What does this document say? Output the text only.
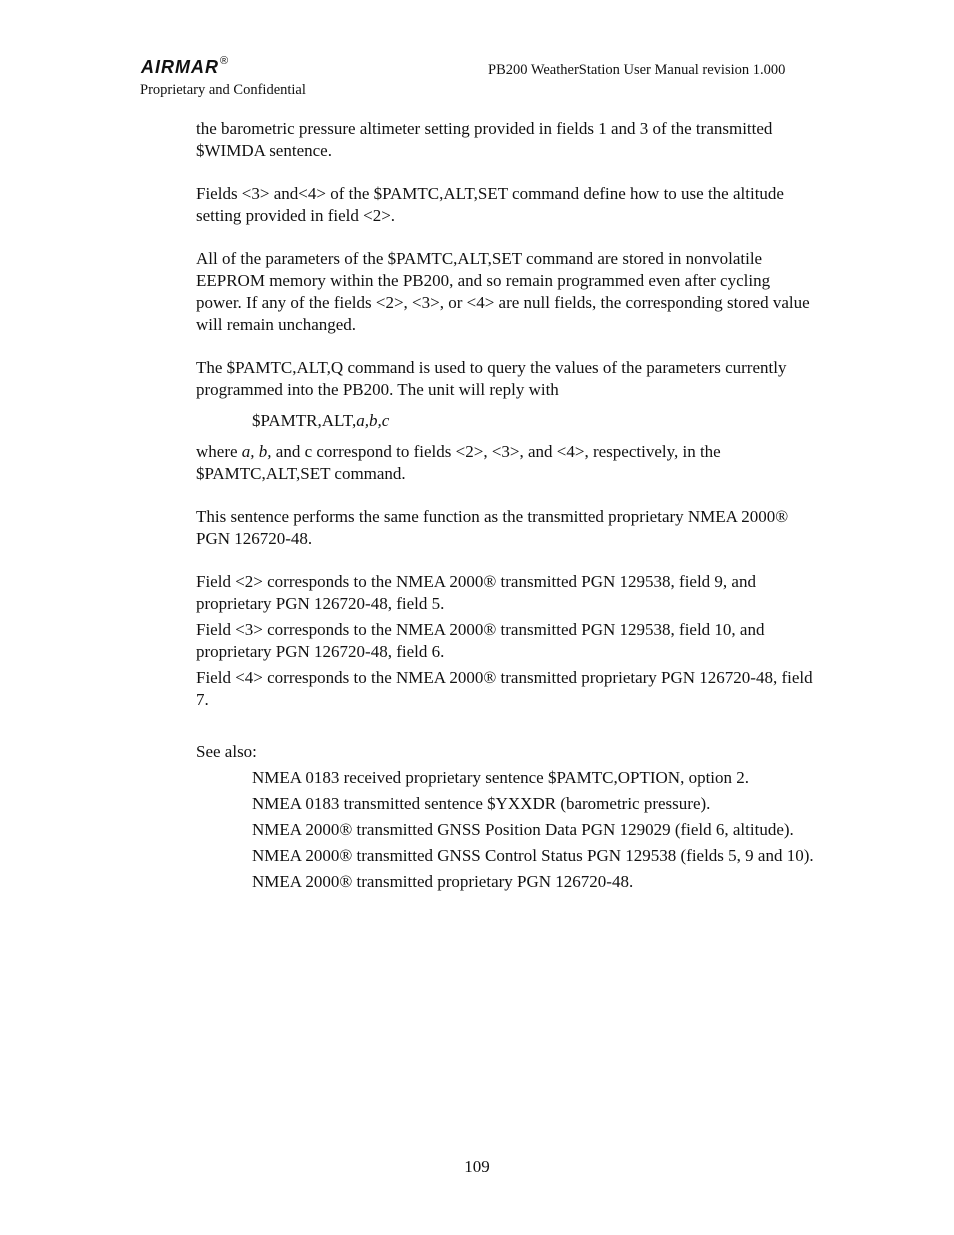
AIRMAR®
Proprietary and Confidential
PB200 WeatherStation User Manual revision 1.000

the barometric pressure altimeter setting provided in fields 1 and 3 of the transmitted $WIMDA sentence.

Fields <3> and<4> of the $PAMTC,ALT,SET command define how to use the altitude setting provided in field <2>.

All of the parameters of the $PAMTC,ALT,SET command are stored in nonvolatile EEPROM memory within the PB200, and so remain programmed even after cycling power. If any of the fields <2>, <3>, or <4> are null fields, the corresponding stored value will remain unchanged.

The $PAMTC,ALT,Q command is used to query the values of the parameters currently programmed into the PB200. The unit will reply with

$PAMTR,ALT,a,b,c

where a, b, and c correspond to fields <2>, <3>, and <4>, respectively, in the $PAMTC,ALT,SET command.

This sentence performs the same function as the transmitted proprietary NMEA 2000® PGN 126720-48.

Field <2> corresponds to the NMEA 2000® transmitted PGN 129538, field 9, and proprietary PGN 126720-48, field 5.

Field <3> corresponds to the NMEA 2000® transmitted PGN 129538, field 10, and proprietary PGN 126720-48, field 6.

Field <4> corresponds to the NMEA 2000® transmitted proprietary PGN 126720-48, field 7.

See also:

NMEA 0183 received proprietary sentence $PAMTC,OPTION, option 2.

NMEA 0183 transmitted sentence $YXXDR (barometric pressure).

NMEA 2000® transmitted GNSS Position Data PGN 129029 (field 6, altitude).

NMEA 2000® transmitted GNSS Control Status PGN 129538 (fields 5, 9 and 10).

NMEA 2000® transmitted proprietary PGN 126720-48.

109
